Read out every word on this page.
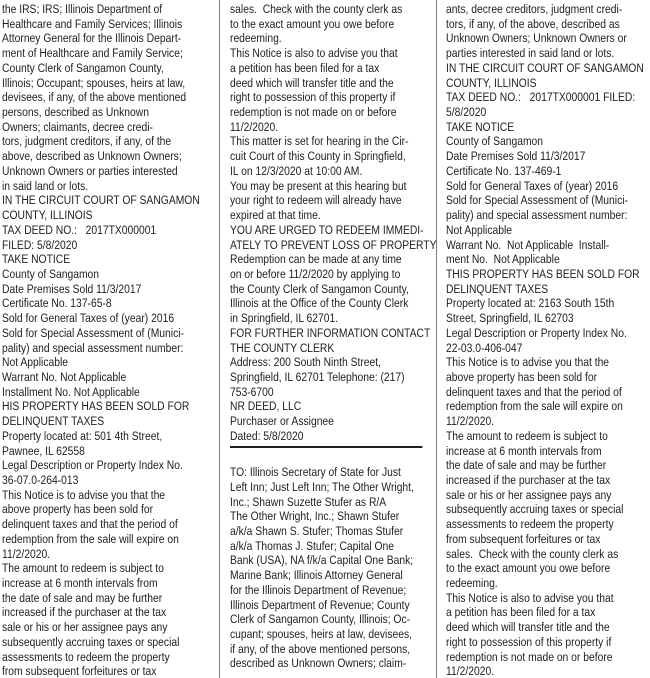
the IRS; IRS; Illinois Department of
Healthcare and Family Services; Illinois
Attorney General for the Illinois Depart-
ment of Healthcare and Family Service;
County Clerk of Sangamon County,
Illinois; Occupant; spouses, heirs at law,
devisees, if any, of the above mentioned
persons, described as Unknown
Owners; claimants, decree credi-
tors, judgment creditors, if any, of the
above, described as Unknown Owners;
Unknown Owners or parties interested
in said land or lots.
IN THE CIRCUIT COURT OF SANGAMON
COUNTY, ILLINOIS
TAX DEED NO.:   2017TX000001
FILED: 5/8/2020
TAKE NOTICE
County of Sangamon
Date Premises Sold 11/3/2017
Certificate No. 137-65-8
Sold for General Taxes of (year) 2016
Sold for Special Assessment of (Munici-
pality) and special assessment number:
Not Applicable
Warrant No. Not Applicable
Installment No. Not Applicable
HIS PROPERTY HAS BEEN SOLD FOR
DELINQUENT TAXES
Property located at: 501 4th Street,
Pawnee, IL 62558
Legal Description or Property Index No.
36-07.0-264-013
This Notice is to advise you that the
above property has been sold for
delinquent taxes and that the period of
redemption from the sale will expire on
11/2/2020.
The amount to redeem is subject to
increase at 6 month intervals from
the date of sale and may be further
increased if the purchaser at the tax
sale or his or her assignee pays any
subsequently accruing taxes or special
assessments to redeem the property
from subsequent forfeitures or tax
sales.  Check with the county clerk as
to the exact amount you owe before
redeeming.
This Notice is also to advise you that
a petition has been filed for a tax
deed which will transfer title and the
right to possession of this property if
redemption is not made on or before
11/2/2020.
This matter is set for hearing in the Cir-
cuit Court of this County in Springfield,
IL on 12/3/2020 at 10:00 AM.
You may be present at this hearing but
your right to redeem will already have
expired at that time.
YOU ARE URGED TO REDEEM IMMEDI-
ATELY TO PREVENT LOSS OF PROPERTY
Redemption can be made at any time
on or before 11/2/2020 by applying to
the County Clerk of Sangamon County,
Illinois at the Office of the County Clerk
in Springfield, IL 62701.
FOR FURTHER INFORMATION CONTACT
THE COUNTY CLERK
Address: 200 South Ninth Street,
Springfield, IL 62701 Telephone: (217)
753-6700
NR DEED, LLC
Purchaser or Assignee
Dated: 5/8/2020
TO: Illinois Secretary of State for Just
Left Inn; Just Left Inn; The Other Wright,
Inc.; Shawn Suzette Stufer as R/A
The Other Wright, Inc.; Shawn Stufer
a/k/a Shawn S. Stufer; Thomas Stufer
a/k/a Thomas J. Stufer; Capital One
Bank (USA), NA f/k/a Capital One Bank;
Marine Bank; Illinois Attorney General
for the Illinois Department of Revenue;
Illinois Department of Revenue; County
Clerk of Sangamon County, Illinois; Oc-
cupant; spouses, heirs at law, devisees,
if any, of the above mentioned persons,
described as Unknown Owners; claim-
ants, decree creditors, judgment credi-
tors, if any, of the above, described as
Unknown Owners; Unknown Owners or
parties interested in said land or lots.
IN THE CIRCUIT COURT OF SANGAMON
COUNTY, ILLINOIS
TAX DEED NO.:   2017TX000001 FILED:
5/8/2020
TAKE NOTICE
County of Sangamon
Date Premises Sold 11/3/2017
Certificate No. 137-469-1
Sold for General Taxes of (year) 2016
Sold for Special Assessment of (Munici-
pality) and special assessment number:
Not Applicable
Warrant No.  Not Applicable  Install-
ment No.  Not Applicable
THIS PROPERTY HAS BEEN SOLD FOR
DELINQUENT TAXES
Property located at: 2163 South 15th
Street, Springfield, IL 62703
Legal Description or Property Index No.
22-03.0-406-047
This Notice is to advise you that the
above property has been sold for
delinquent taxes and that the period of
redemption from the sale will expire on
11/2/2020.
The amount to redeem is subject to
increase at 6 month intervals from
the date of sale and may be further
increased if the purchaser at the tax
sale or his or her assignee pays any
subsequently accruing taxes or special
assessments to redeem the property
from subsequent forfeitures or tax
sales.  Check with the county clerk as
to the exact amount you owe before
redeeming.
This Notice is also to advise you that
a petition has been filed for a tax
deed which will transfer title and the
right to possession of this property if
redemption is not made on or before
11/2/2020.
